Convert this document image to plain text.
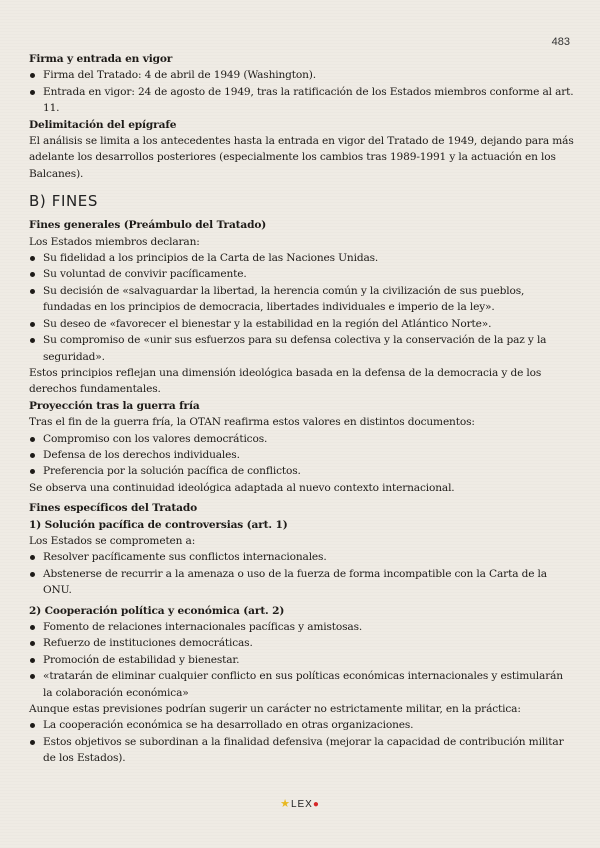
483
Firma y entrada en vigor
Firma del Tratado: 4 de abril de 1949 (Washington).
Entrada en vigor: 24 de agosto de 1949, tras la ratificación de los Estados miembros conforme al art. 11.
Delimitación del epígrafe

El análisis se limita a los antecedentes hasta la entrada en vigor del Tratado de 1949, dejando para más adelante los desarrollos posteriores (especialmente los cambios tras 1989-1991 y la actuación en los Balcanes).

B) FINES
Fines generales (Preámbulo del Tratado)

Los Estados miembros declaran:

Su fidelidad a los principios de la Carta de las Naciones Unidas.
Su voluntad de convivir pacíficamente.
Su decisión de «salvaguardar la libertad, la herencia común y la civilización de sus pueblos, fundadas en los principios de democracia, libertades individuales e imperio de la ley».
Su deseo de «favorecer el bienestar y la estabilidad en la región del Atlántico Norte».
Su compromiso de «unir sus esfuerzos para su defensa colectiva y la conservación de la paz y la seguridad».

Estos principios reflejan una dimensión ideológica basada en la defensa de la democracia y de los derechos fundamentales.

Proyección tras la guerra fría

Tras el fin de la guerra fría, la OTAN reafirma estos valores en distintos documentos:

Compromiso con los valores democráticos.
Defensa de los derechos individuales.
Preferencia por la solución pacífica de conflictos.

Se observa una continuidad ideológica adaptada al nuevo contexto internacional.

Fines específicos del Tratado
1) Solución pacífica de controversias (art. 1)

Los Estados se comprometen a:

Resolver pacíficamente sus conflictos internacionales.
Abstenerse de recurrir a la amenaza o uso de la fuerza de forma incompatible con la Carta de la ONU.
2) Cooperación política y económica (art. 2)
Fomento de relaciones internacionales pacíficas y amistosas.
Refuerzo de instituciones democráticas.
Promoción de estabilidad y bienestar.
«tratarán de eliminar cualquier conflicto en sus políticas económicas internacionales y estimularán la colaboración económica»

Aunque estas previsiones podrían sugerir un carácter no estrictamente militar, en la práctica:

La cooperación económica se ha desarrollado en otras organizaciones.
Estos objetivos se subordinan a la finalidad defensiva (mejorar la capacidad de contribución militar de los Estados).
★LEX●
